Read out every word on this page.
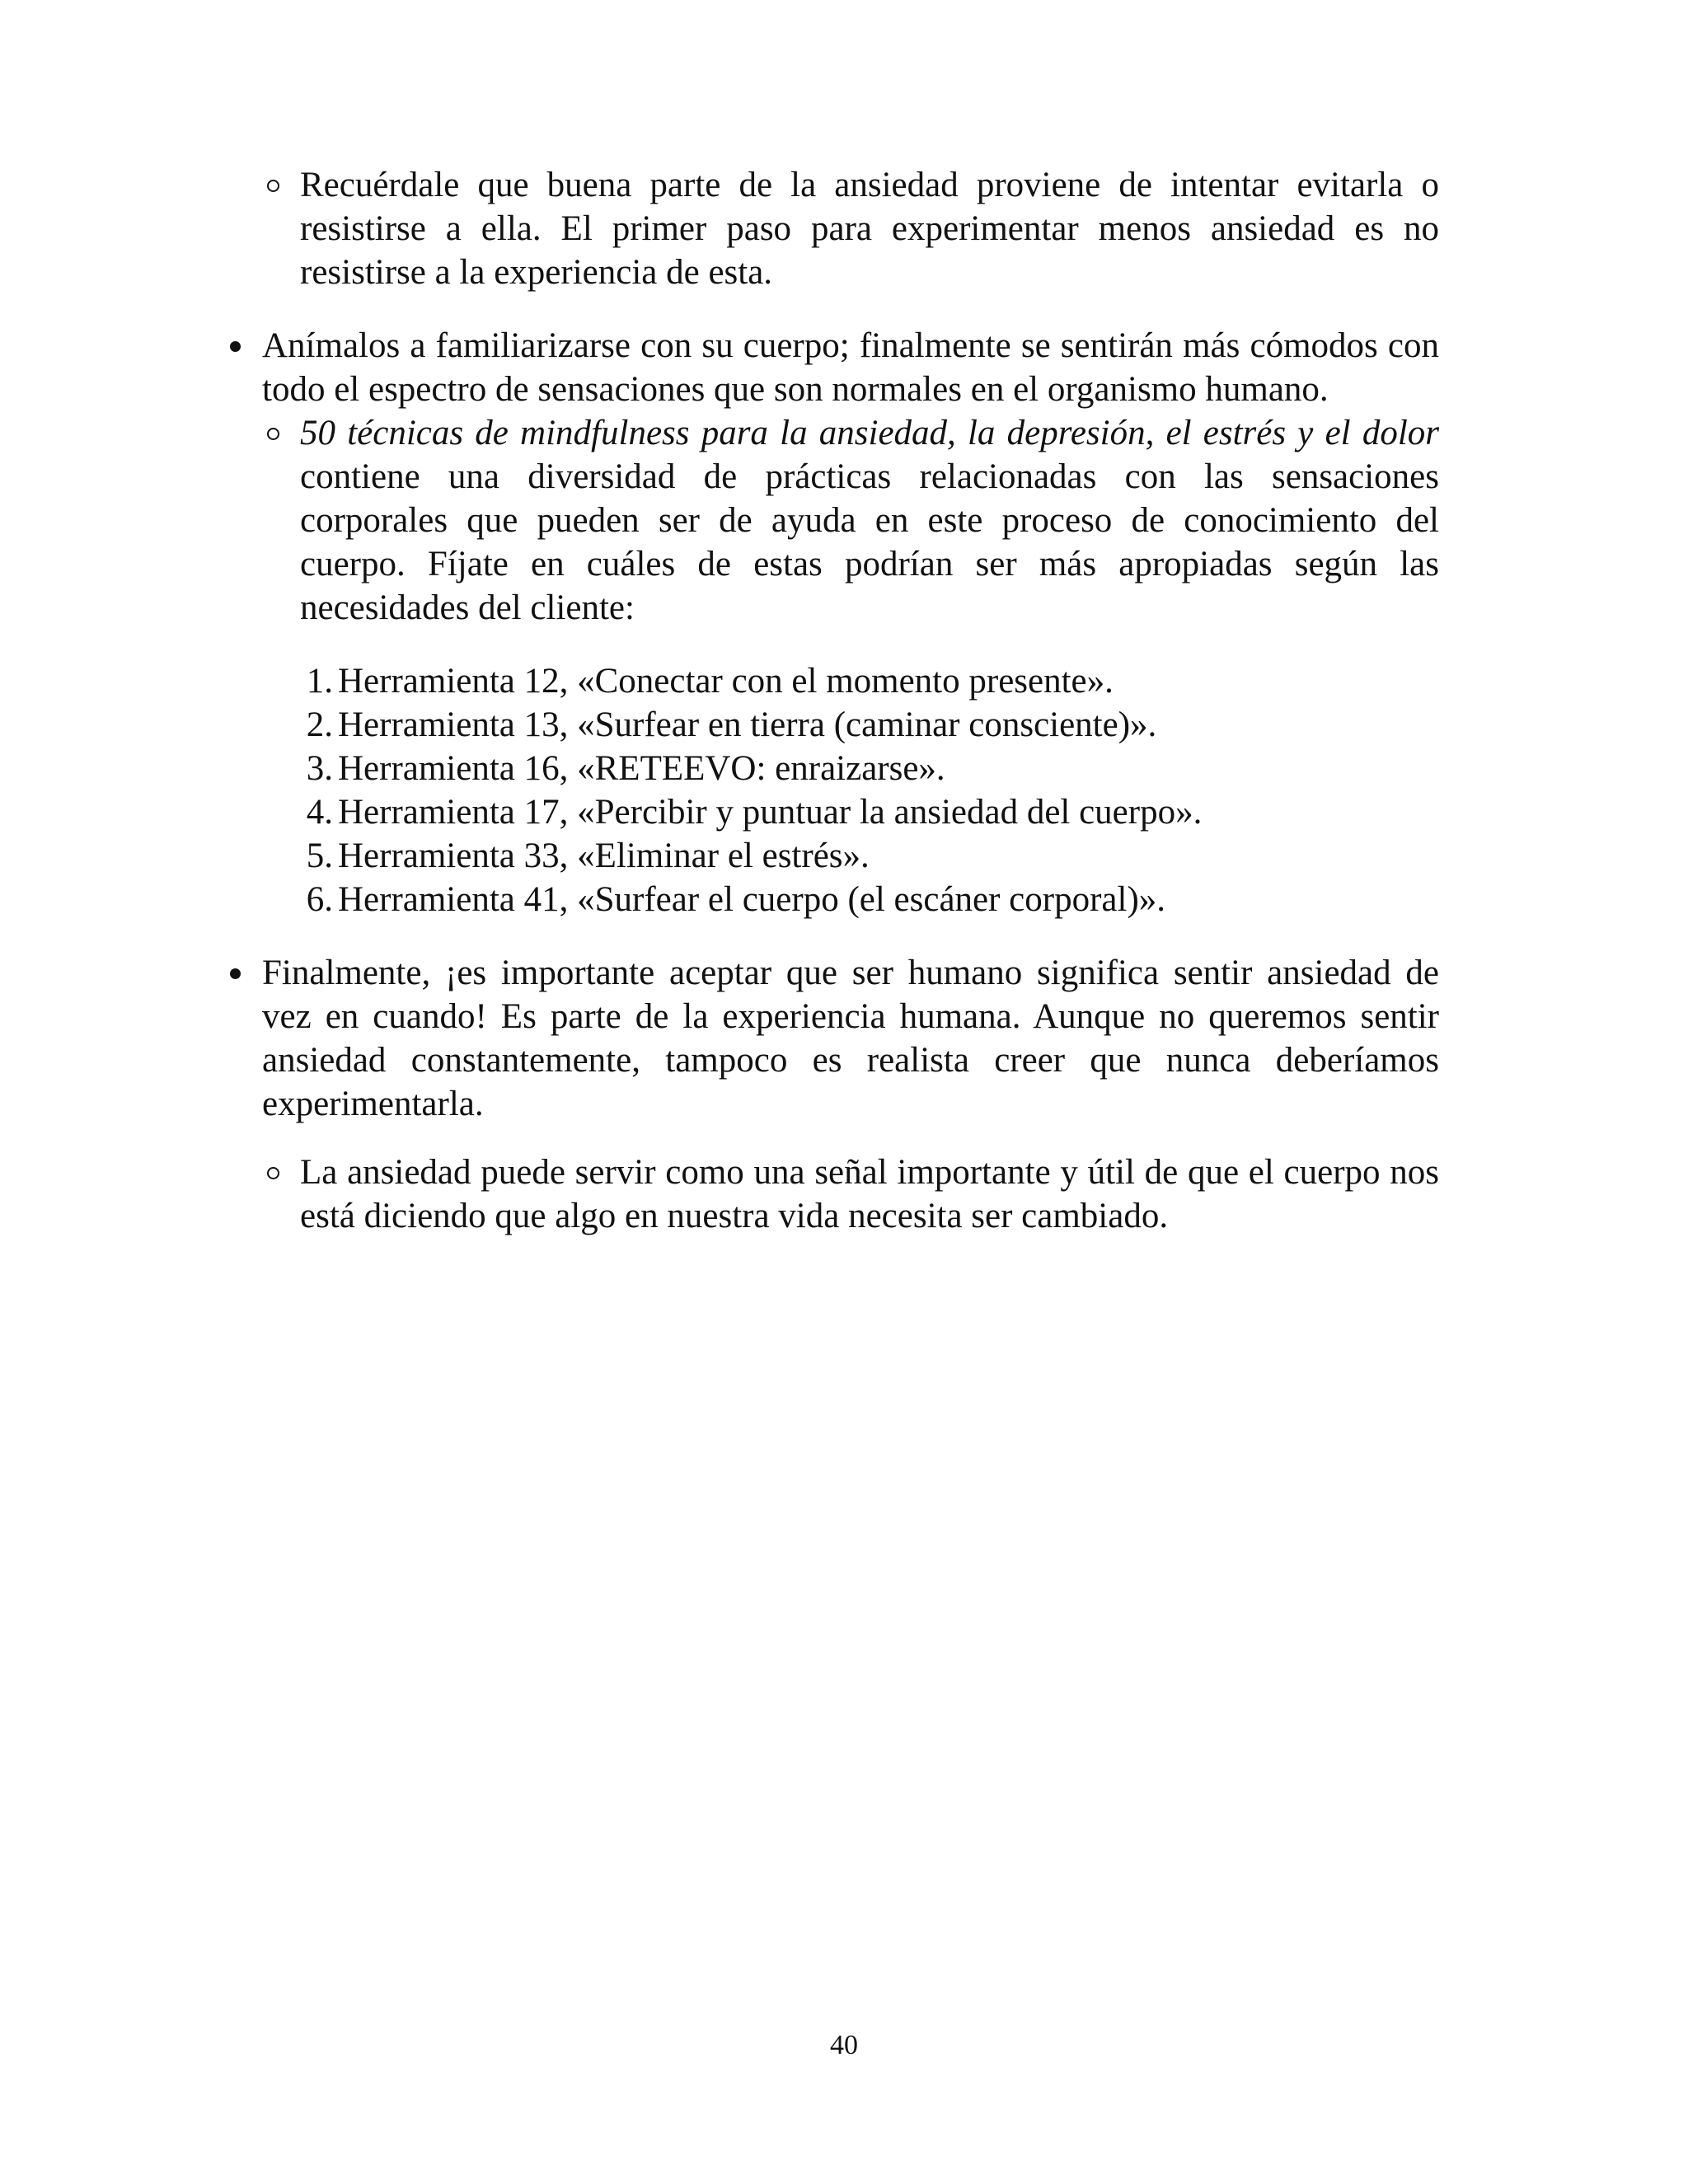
Recuérdale que buena parte de la ansiedad proviene de intentar evitarla o resistirse a ella. El primer paso para experimentar menos ansiedad es no resistirse a la experiencia de esta.

Anímalos a familiarizarse con su cuerpo; finalmente se sentirán más cómodos con todo el espectro de sensaciones que son normales en el organismo humano.

50 técnicas de mindfulness para la ansiedad, la depresión, el estrés y el dolor contiene una diversidad de prácticas relacionadas con las sensaciones corporales que pueden ser de ayuda en este proceso de conocimiento del cuerpo. Fíjate en cuáles de estas podrían ser más apropiadas según las necesidades del cliente:

1. Herramienta 12, «Conectar con el momento presente».
2. Herramienta 13, «Surfear en tierra (caminar consciente)».
3. Herramienta 16, «RETEEVO: enraizarse».
4. Herramienta 17, «Percibir y puntuar la ansiedad del cuerpo».
5. Herramienta 33, «Eliminar el estrés».
6. Herramienta 41, «Surfear el cuerpo (el escáner corporal)».

Finalmente, ¡es importante aceptar que ser humano significa sentir ansiedad de vez en cuando! Es parte de la experiencia humana. Aunque no queremos sentir ansiedad constantemente, tampoco es realista creer que nunca deberíamos experimentarla.

La ansiedad puede servir como una señal importante y útil de que el cuerpo nos está diciendo que algo en nuestra vida necesita ser cambiado.

40
